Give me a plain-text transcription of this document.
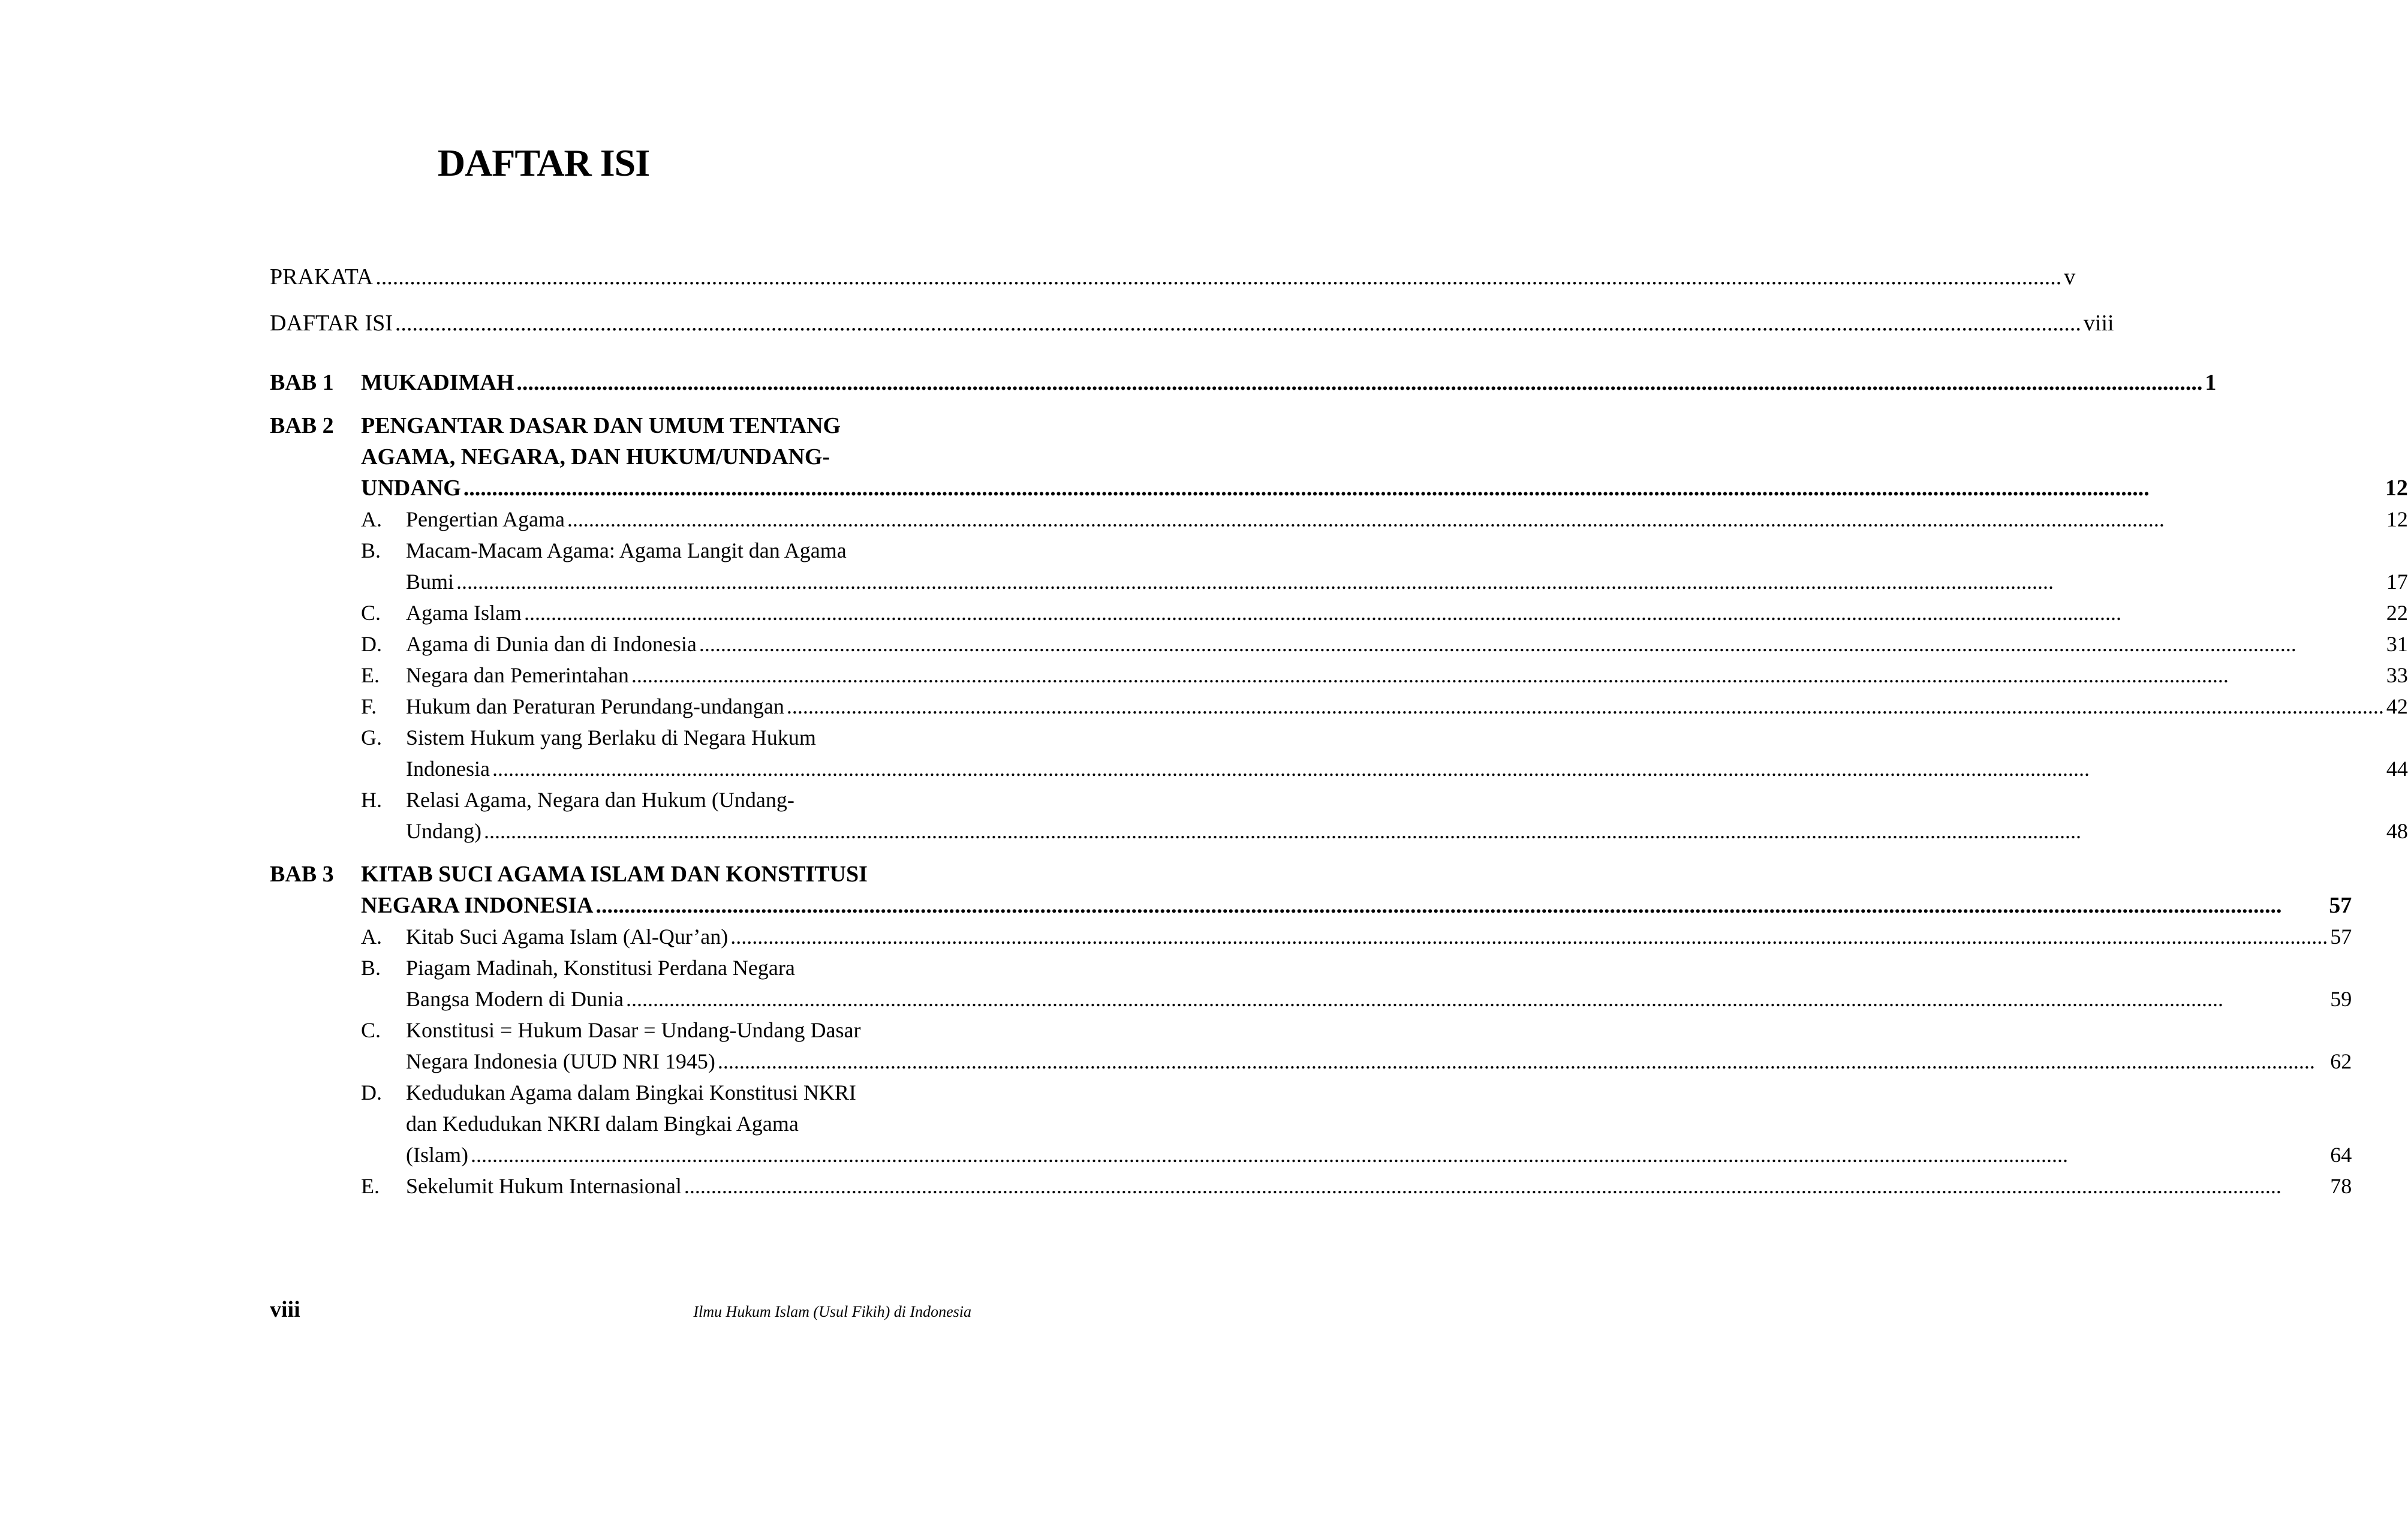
DAFTAR ISI
PRAKATA .....	v
DAFTAR ISI .....	viii
BAB 1	MUKADIMAH .....	1
BAB 2	PENGANTAR DASAR DAN UMUM TENTANG
AGAMA, NEGARA, DAN HUKUM/UNDANG-
UNDANG .....	12
A.	Pengertian Agama .....	12
B.	Macam-Macam Agama: Agama Langit dan Agama
Bumi .....	17
C.	Agama Islam .....	22
D.	Agama di Dunia dan di Indonesia .....	31
E.	Negara dan Pemerintahan .....	33
F.	Hukum dan Peraturan Perundang-undangan .....	42
G.	Sistem Hukum yang Berlaku di Negara Hukum
Indonesia .....	44
H.	Relasi Agama, Negara dan Hukum (Undang-
Undang) .....	48
BAB 3	KITAB SUCI AGAMA ISLAM DAN KONSTITUSI
NEGARA INDONESIA .....	57
A.	Kitab Suci Agama Islam (Al-Qur’an) .....	57
B.	Piagam Madinah, Konstitusi Perdana Negara
Bangsa Modern di Dunia .....	59
C.	Konstitusi = Hukum Dasar = Undang-Undang Dasar
Negara Indonesia (UUD NRI 1945) .....	62
D.	Kedudukan Agama dalam Bingkai Konstitusi NKRI
dan Kedudukan NKRI dalam Bingkai Agama
(Islam) .....	64
E.	Sekelumit Hukum Internasional .....	78
viii	Ilmu Hukum Islam (Usul Fikih) di Indonesia
